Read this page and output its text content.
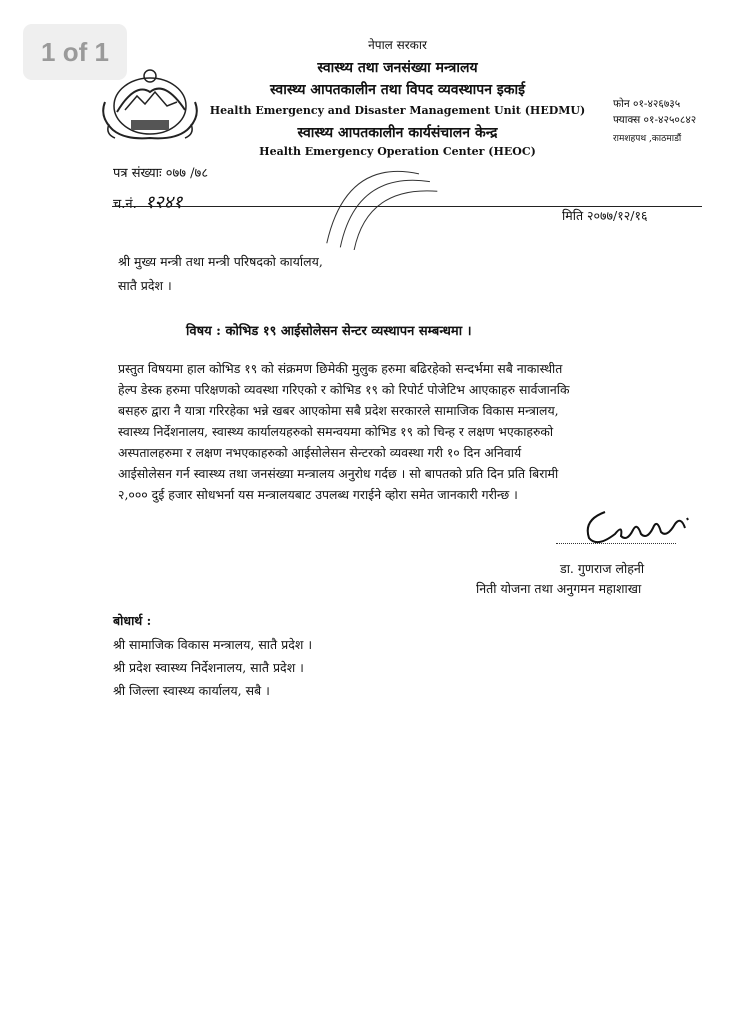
1 of 1	नेपाल सरकार
स्वास्थ्य तथा जनसंख्या मन्त्रालय
स्वास्थ्य आपतकालीन तथा विपद व्यवस्थापन इकाई
Health Emergency and Disaster Management Unit (HEDMU)
स्वास्थ्य आपतकालीन कार्यसंचालन केन्द्र
Health Emergency Operation Center (HEOC)
फोन ०१-४२६७३५
फ्याक्स ०१-४२५०८४२
रामशहपथ ,काठमाडौं
पत्र संख्याः ०७७ /७८
च.नं. १२४१
मिति २०७७/१२/१६
श्री मुख्य मन्त्री तथा मन्त्री परिषदको कार्यालय,
सातै प्रदेश ।
विषय : कोभिड १९ आईसोलेसन सेन्टर व्यस्थापन सम्बन्धमा ।
प्रस्तुत विषयमा हाल कोभिड १९ को संक्रमण छिमेकी मुलुक हरुमा बढिरहेको सन्दर्भमा सबै नाकास्थीत
हेल्प डेस्क हरुमा परिक्षणको व्यवस्था गरिएको र कोभिड १९ को रिपोर्ट पोजेटिभ आएकाहरु सार्वजानकि
बसहरु द्वारा नै यात्रा गरिरहेका भन्ने खबर आएकोमा सबै प्रदेश सरकारले सामाजिक विकास मन्त्रालय,
स्वास्थ्य निर्देशनालय, स्वास्थ्य कार्यालयहरुको समन्वयमा कोभिड १९ को चिन्ह र लक्षण भएकाहरुको
अस्पतालहरुमा र लक्षण नभएकाहरुको आईसोलेसन सेन्टरको व्यवस्था गरी १० दिन अनिवार्य
आईसोलेसन गर्न स्वास्थ्य तथा जनसंख्या मन्त्रालय अनुरोध गर्दछ । सो बापतको प्रति दिन प्रति बिरामी
२,००० दुई हजार सोधभर्ना यस मन्त्रालयबाट उपलब्ध गराईने व्होरा समेत जानकारी गरीन्छ ।
डा. गुणराज लोहनी
निती योजना तथा अनुगमन महाशाखा
बोधार्थ :
श्री सामाजिक विकास मन्त्रालय, सातै प्रदेश ।
श्री प्रदेश स्वास्थ्य निर्देशनालय, सातै प्रदेश ।
श्री जिल्ला स्वास्थ्य कार्यालय, सबै ।
